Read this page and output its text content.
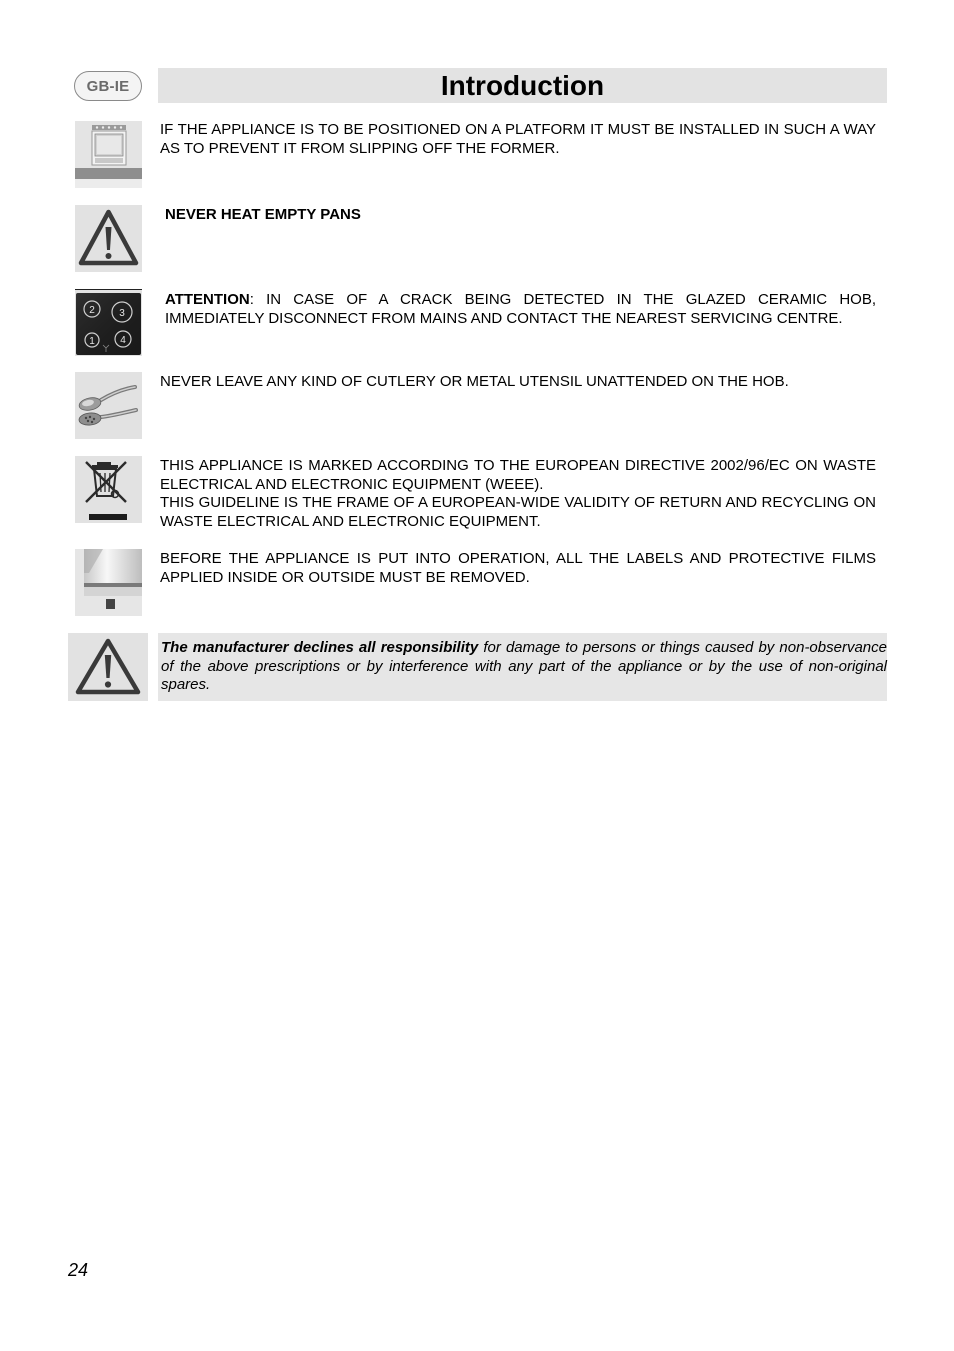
GB-IE	Introduction
IF THE APPLIANCE IS TO BE POSITIONED ON A PLATFORM IT MUST BE INSTALLED IN SUCH A WAY AS TO PREVENT IT FROM SLIPPING OFF THE FORMER.
NEVER HEAT EMPTY PANS
2 3
1	4
ATTENTION: IN CASE OF A CRACK BEING DETECTED IN THE GLAZED CERAMIC HOB, IMMEDIATELY DISCONNECT FROM MAINS AND CONTACT THE NEAREST SERVICING CENTRE.
NEVER LEAVE ANY KIND OF CUTLERY OR METAL UTENSIL UNATTENDED ON THE HOB.
THIS APPLIANCE IS MARKED ACCORDING TO THE EUROPEAN DIRECTIVE 2002/96/EC ON WASTE ELECTRICAL AND ELECTRONIC EQUIPMENT (WEEE).
THIS GUIDELINE IS THE FRAME OF A EUROPEAN-WIDE VALIDITY OF RETURN AND RECYCLING ON WASTE ELECTRICAL AND ELECTRONIC EQUIPMENT.
BEFORE THE APPLIANCE IS PUT INTO OPERATION, ALL THE LABELS AND PROTECTIVE FILMS APPLIED INSIDE OR OUTSIDE MUST BE REMOVED.
The manufacturer declines all responsibility for damage to persons or things caused by non-observance of the above prescriptions or by interference with any part of the appliance or by the use of non-original spares.
24
